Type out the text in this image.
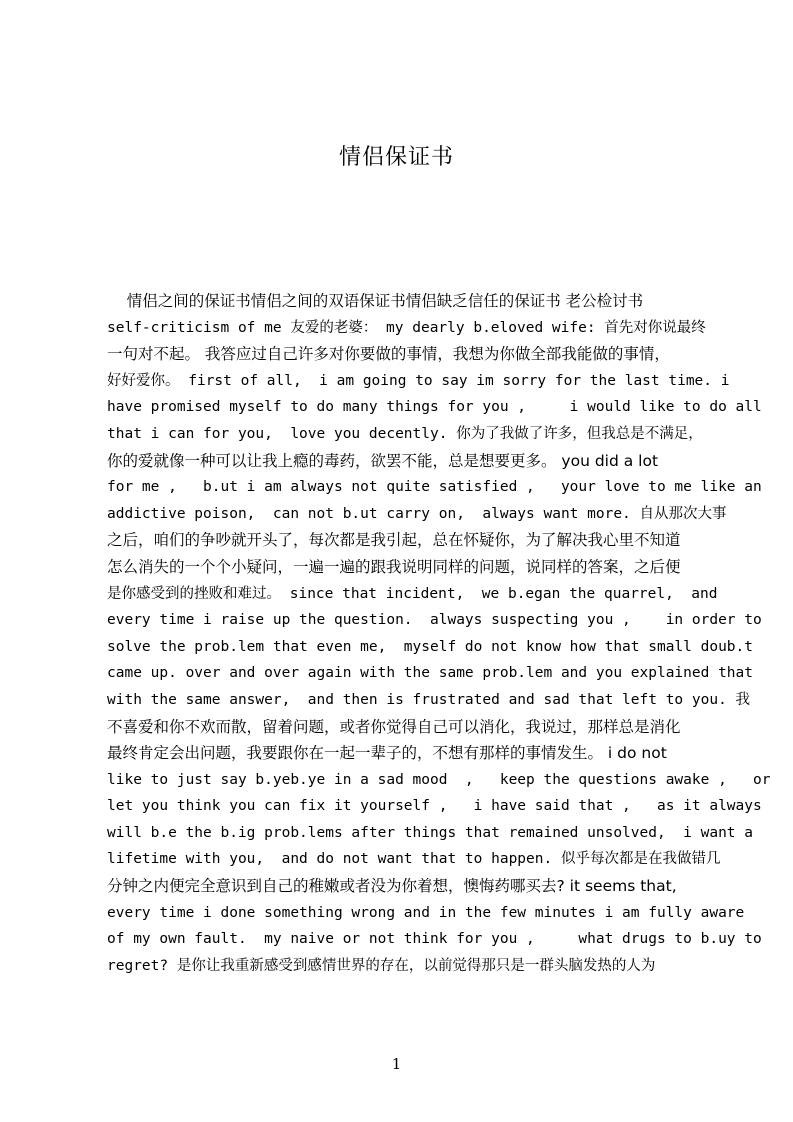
情侣保证书
情侣之间的保证书情侣之间的双语保证书情侣缺乏信任的保证书 老公检讨书
self-criticism of me 友爱的老婆： my dearly b.eloved wife: 首先对你说最终
一句对不起。 我答应过自己许多对你要做的事情，我想为你做全部我能做的事情，
好好爱你。 first of all,  i am going to say im sorry for the last time. i
have promised myself to do many things for you ,     i would like to do all
that i can for you,  love you decently. 你为了我做了许多，但我总是不满足，
你的爱就像一种可以让我上瘾的毒药，欲罢不能，总是想要更多。 you did a lot
for me ,   b.ut i am always not quite satisfied ,   your love to me like an
addictive poison,  can not b.ut carry on,  always want more. 自从那次大事
之后，咱们的争吵就开头了，每次都是我引起，总在怀疑你，为了解决我心里不知道
怎么消失的一个个小疑问，一遍一遍的跟我说明同样的问题，说同样的答案，之后便
是你感受到的挫败和难过。 since that incident,  we b.egan the quarrel,  and
every time i raise up the question.  always suspecting you ,    in order to
solve the prob.lem that even me,  myself do not know how that small doub.t
came up. over and over again with the same prob.lem and you explained that
with the same answer,  and then is frustrated and sad that left to you. 我
不喜爱和你不欢而散，留着问题，或者你觉得自己可以消化，我说过，那样总是消化
最终肯定会出问题，我要跟你在一起一辈子的，不想有那样的事情发生。 i do not
like to just say b.yeb.ye in a sad mood  ,   keep the questions awake ,   or
let you think you can fix it yourself ,   i have said that ,   as it always
will b.e the b.ig prob.lems after things that remained unsolved,  i want a
lifetime with you,  and do not want that to happen. 似乎每次都是在我做错几
分钟之内便完全意识到自己的稚嫩或者没为你着想，懊悔药哪买去? it seems that,
every time i done something wrong and in the few minutes i am fully aware
of my own fault.  my naive or not think for you ,     what drugs to b.uy to
regret? 是你让我重新感受到感情世界的存在，以前觉得那只是一群头脑发热的人为
1
